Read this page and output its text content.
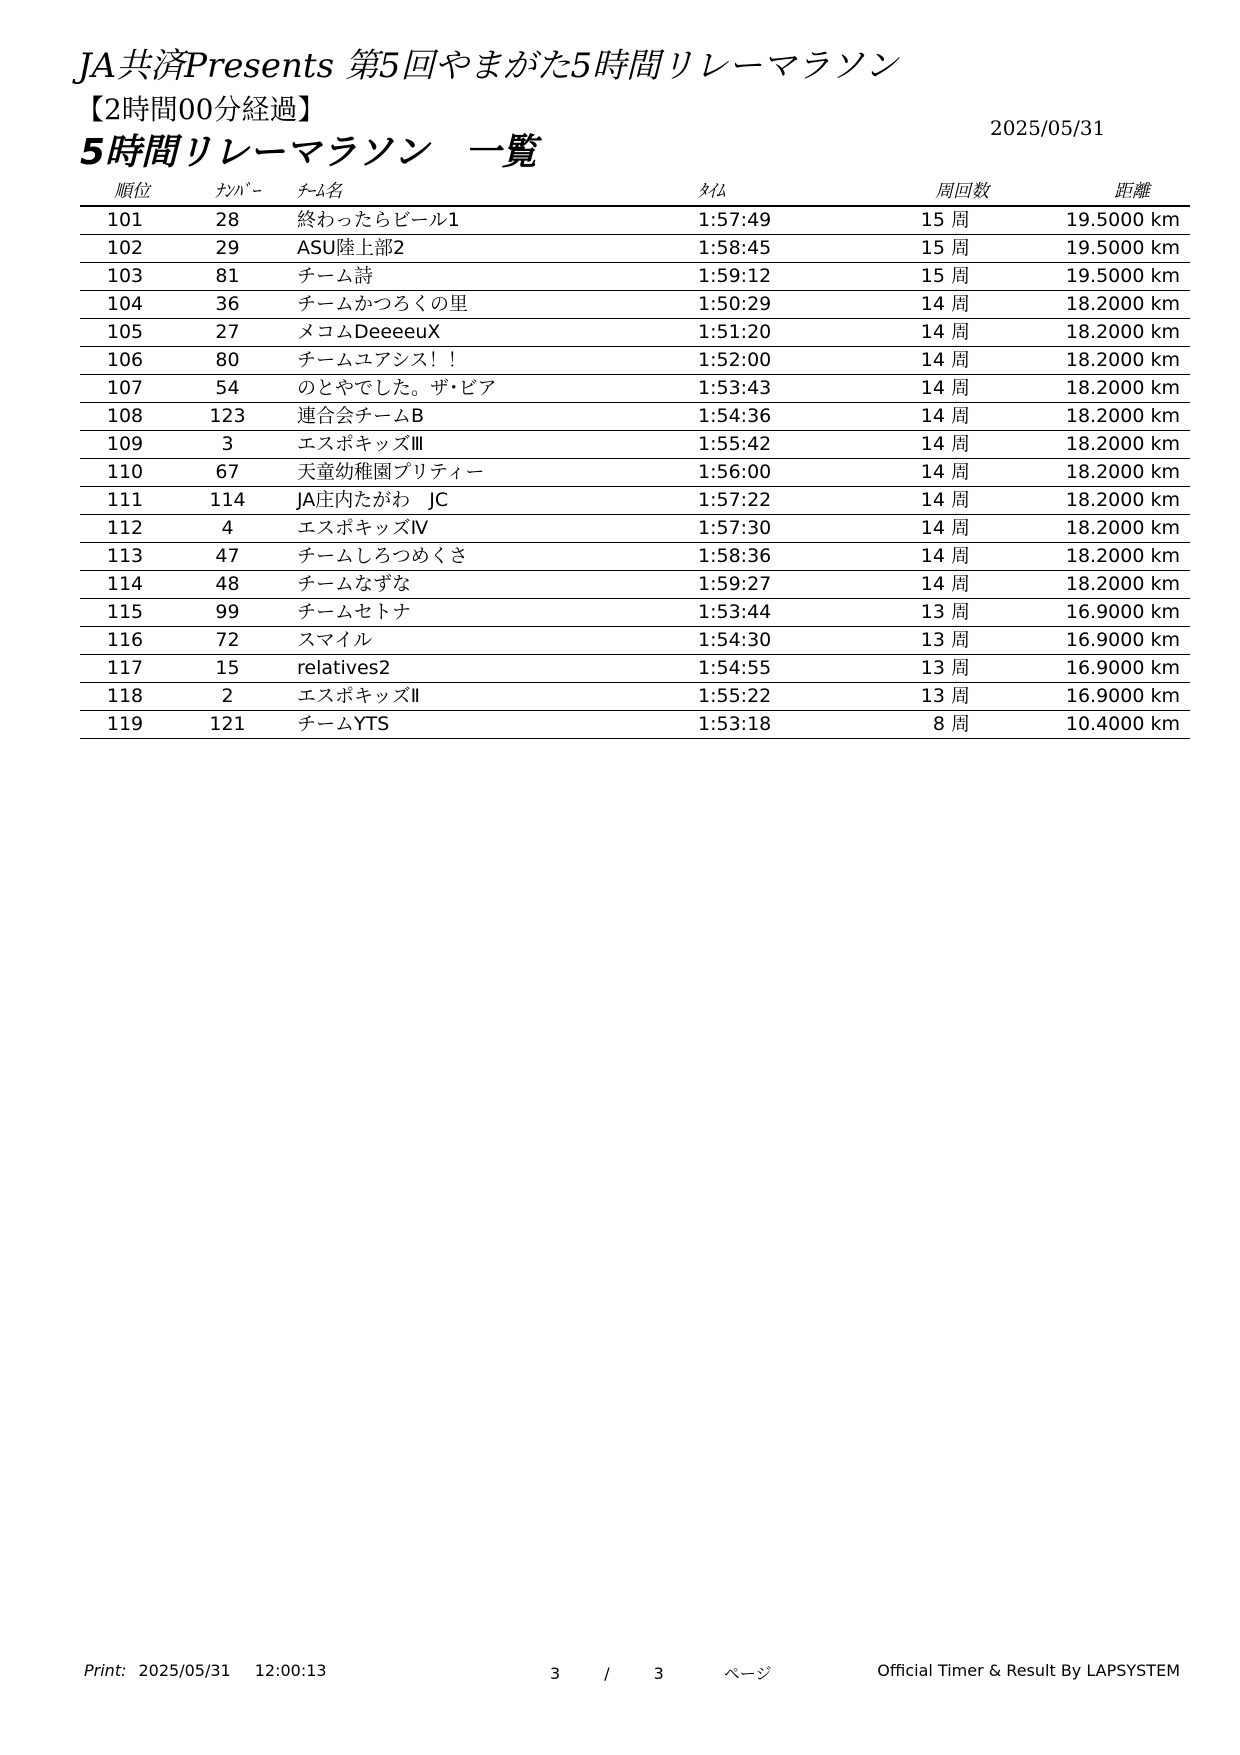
JA共済Presents 第5回やまがた5時間リレーマラソン
【2時間00分経過】
2025/05/31
5時間リレーマラソン　一覧
順位	ﾅﾝﾊﾞｰ	ﾁｰﾑ名	ﾀｲﾑ	周回数	距離
101	28	終わったらビール1	1:57:49	15 周	19.5000 km
102	29	ASU陸上部2	1:58:45	15 周	19.5000 km
103	81	チーム詩	1:59:12	15 周	19.5000 km
104	36	チームかつろくの里	1:50:29	14 周	18.2000 km
105	27	メコムDeeeeuX	1:51:20	14 周	18.2000 km
106	80	チームユアシス！！	1:52:00	14 周	18.2000 km
107	54	のとやでした。ザ･ビア	1:53:43	14 周	18.2000 km
108	123	連合会チームB	1:54:36	14 周	18.2000 km
109	3	エスポキッズⅢ	1:55:42	14 周	18.2000 km
110	67	天童幼稚園プリティー	1:56:00	14 周	18.2000 km
111	114	JA庄内たがわ　JC	1:57:22	14 周	18.2000 km
112	4	エスポキッズⅣ	1:57:30	14 周	18.2000 km
113	47	チームしろつめくさ	1:58:36	14 周	18.2000 km
114	48	チームなずな	1:59:27	14 周	18.2000 km
115	99	チームセトナ	1:53:44	13 周	16.9000 km
116	72	スマイル	1:54:30	13 周	16.9000 km
117	15	relatives2	1:54:55	13 周	16.9000 km
118	2	エスポキッズⅡ	1:55:22	13 周	16.9000 km
119	121	チームYTS	1:53:18	8 周	10.4000 km
Print: 2025/05/31 12:00:13	3	/	3	ページ	Official Timer & Result By LAPSYSTEM
